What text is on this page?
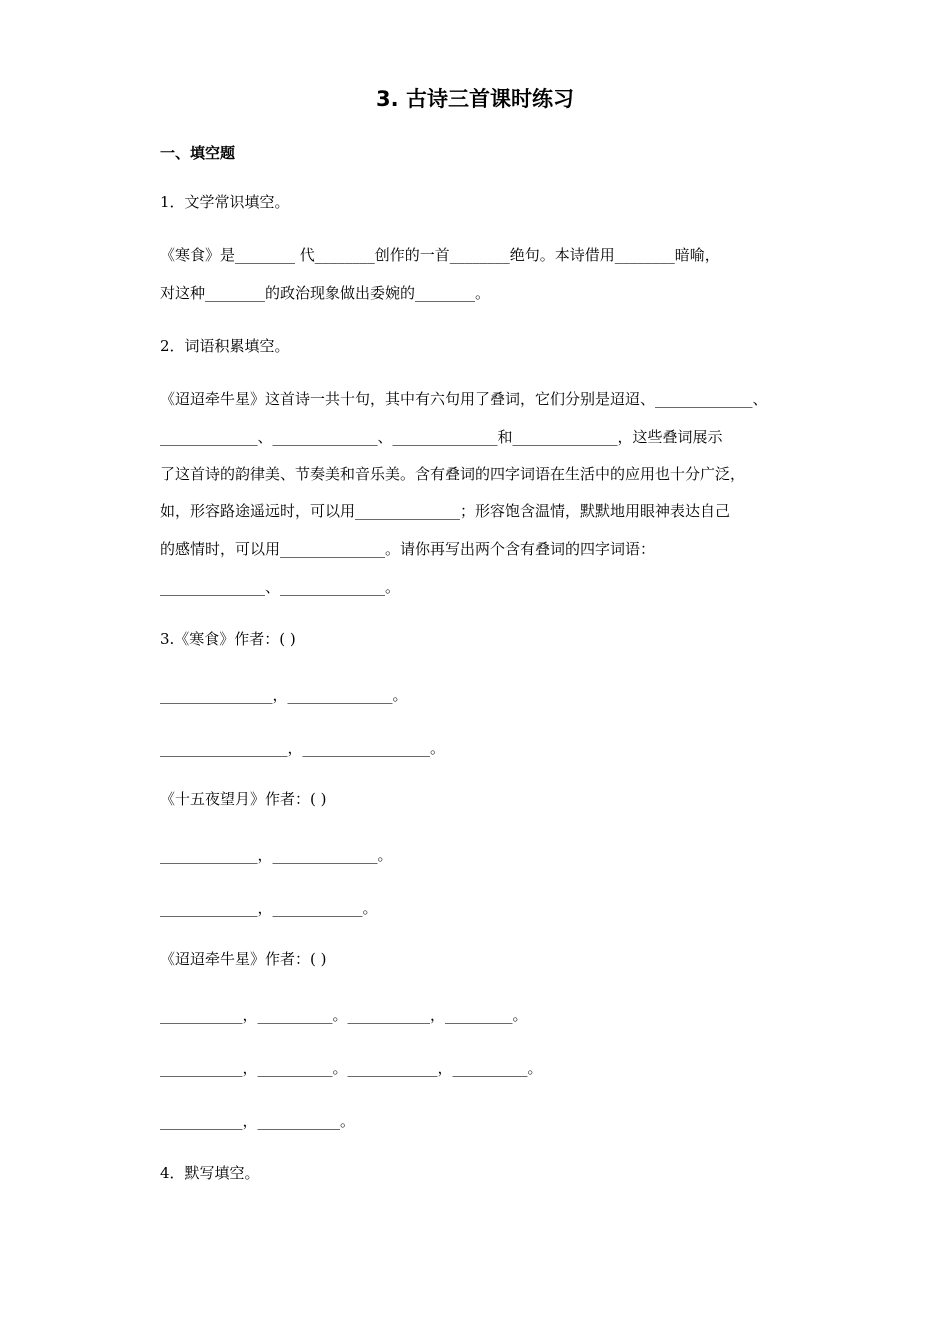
3. 古诗三首课时练习
一、填空题
1．文学常识填空。
《寒食》是________ 代________创作的一首________绝句。本诗借用________暗喻，
对这种________的政治现象做出委婉的________。
2．词语积累填空。
《迢迢牵牛星》这首诗一共十句，其中有六句用了叠词，它们分别是迢迢、_____________、
_____________、______________、______________和______________，这些叠词展示
了这首诗的韵律美、节奏美和音乐美。含有叠词的四字词语在生活中的应用也十分广泛，
如，形容路途遥远时，可以用______________；形容饱含温情，默默地用眼神表达自己
的感情时，可以用______________。请你再写出两个含有叠词的四字词语：
______________、______________。
3.《寒食》作者：( )
_______________，______________。
_________________，_________________。
《十五夜望月》作者：( )
_____________，______________。
_____________，____________。
《迢迢牵牛星》作者：( )
___________，__________。___________，_________。
___________，__________。____________，__________。
___________，___________。
4．默写填空。
